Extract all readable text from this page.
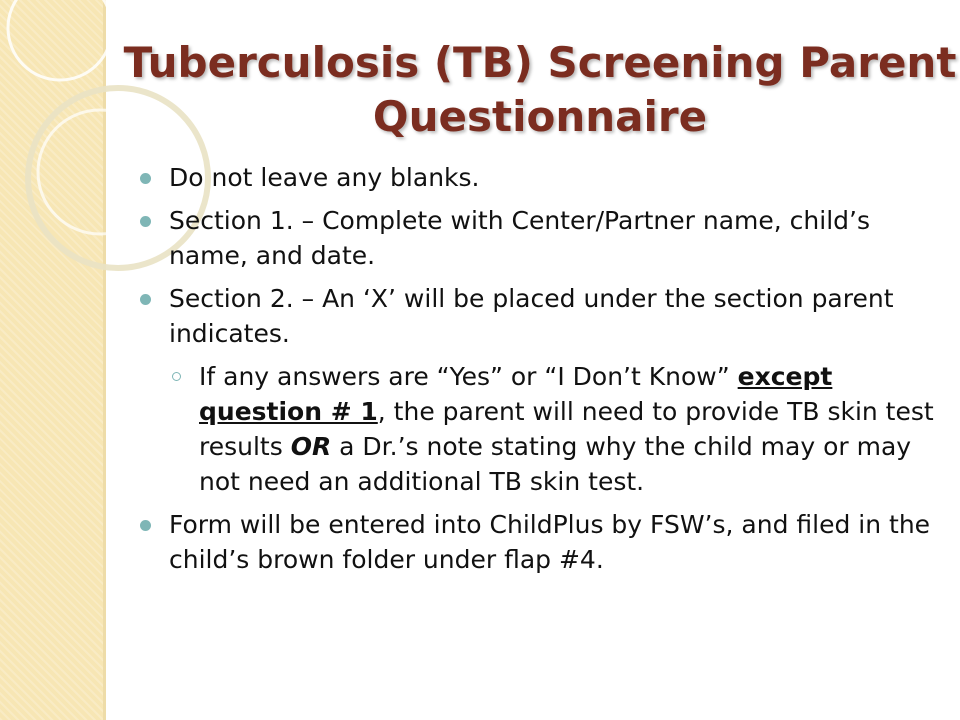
Tuberculosis (TB) Screening Parent Questionnaire
Do not leave any blanks.
Section 1. – Complete with Center/Partner name, child’s name, and date.
Section 2. – An ‘X’ will be placed under the section parent indicates.
If any answers are “Yes” or “I Don’t Know” except question # 1, the parent will need to provide TB skin test results OR a Dr.’s note stating why the child may or may not need an additional TB skin test.
Form will be entered into ChildPlus by FSW’s, and filed in the child’s brown folder under flap #4.
